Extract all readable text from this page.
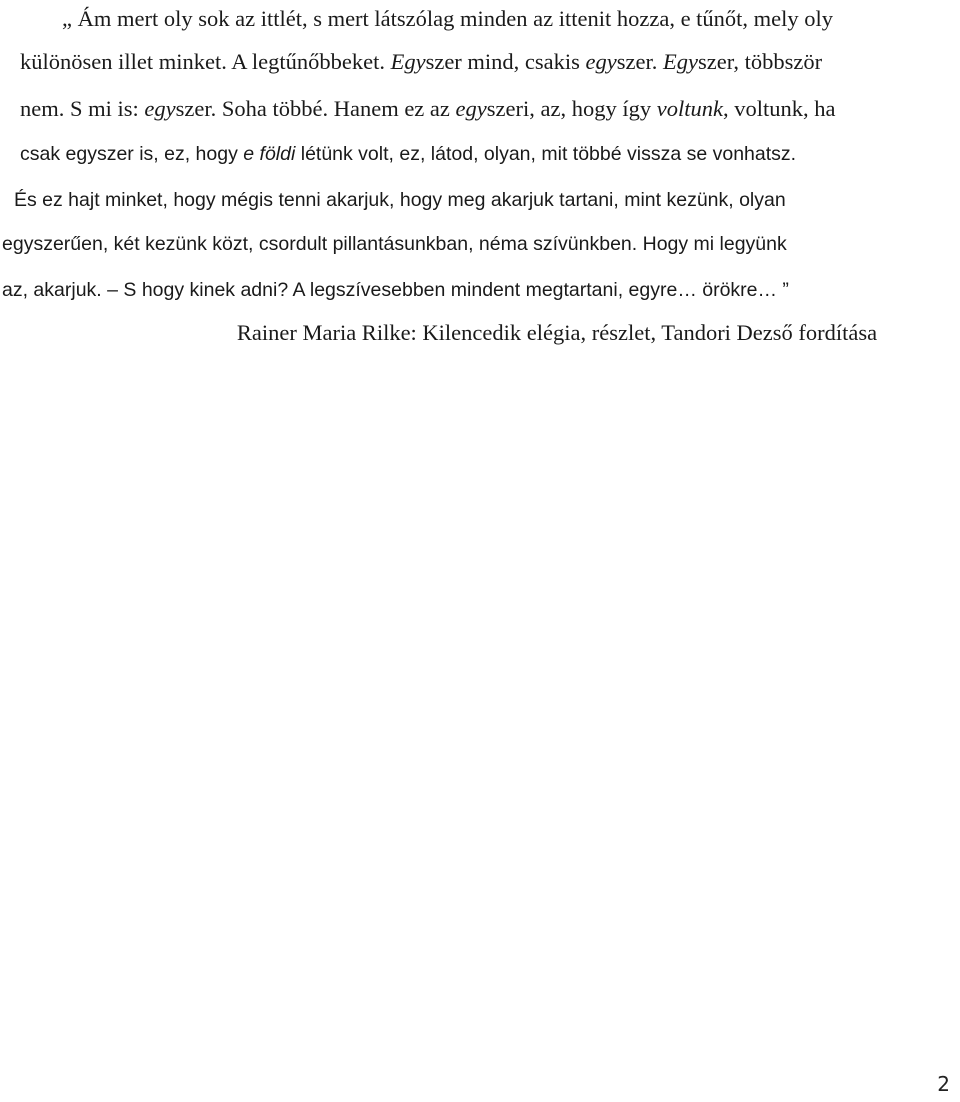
„ Ám mert oly sok az ittlét, s mert látszólag minden az ittenit hozza, e tűnőt, mely oly
különösen illet minket. A legtűnőbbeket. Egyszer mind, csakis egyszer. Egyszer, többször
nem. S mi is: egyszer. Soha többé. Hanem ez az egyszeri, az, hogy így voltunk, voltunk, ha
csak egyszer is, ez, hogy e földi létünk volt, ez, látod, olyan, mit többé vissza se vonhatsz.
És ez hajt minket, hogy mégis tenni akarjuk, hogy meg akarjuk tartani, mint kezünk, olyan
egyszerűen, két kezünk közt, csordult pillantásunkban, néma szívünkben. Hogy mi legyünk
az, akarjuk. – S hogy kinek adni? A legszívesebben mindent megtartani, egyre… örökre… ”
Rainer Maria Rilke: Kilencedik elégia, részlet, Tandori Dezső fordítása
2
